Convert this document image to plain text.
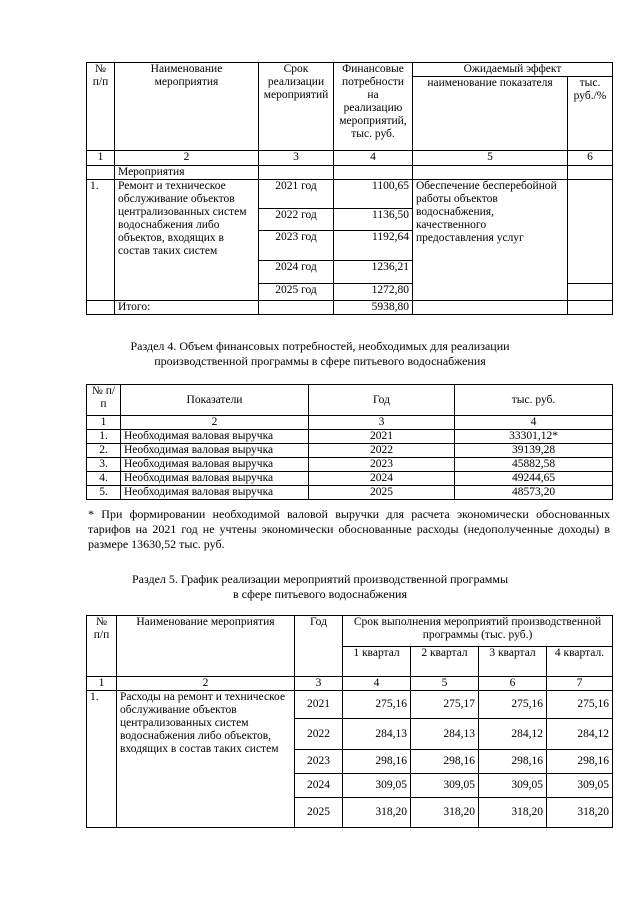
№ п/п	Наименование мероприятия	Срок реализации мероприятий	Финансовые потребности на реализацию мероприятий, тыс. руб.	Ожидаемый эффект	
				наименование показателя	тыс. руб./%
1	2	3	4	5	6
	Мероприятия				
1.	Ремонт и техническое обслуживание объектов централизованных систем водоснабжения либо объектов, входящих в состав таких систем	2021 год	1100,65	Обеспечение бесперебойной работы объектов водоснабжения, качественного предоставления услуг	
		2022 год	1136,50		
		2023 год	1192,64		
		2024 год	1236,21		
		2025 год	1272,80		
	Итого:		5938,80		
Раздел 4. Объем финансовых потребностей, необходимых для реализации производственной программы в сфере питьевого водоснабжения
№ п/п	Показатели	Год	тыс. руб.
1	2	3	4
1.	Необходимая валовая выручка	2021	33301,12*
2.	Необходимая валовая выручка	2022	39139,28
3.	Необходимая валовая выручка	2023	45882,58
4.	Необходимая валовая выручка	2024	49244,65
5.	Необходимая валовая выручка	2025	48573,20
* При формировании необходимой валовой выручки для расчета экономически обоснованных тарифов на 2021 год не учтены экономически обоснованные расходы (недополученные доходы) в размере 13630,52 тыс. руб.
Раздел 5. График реализации мероприятий производственной программы в сфере питьевого водоснабжения
№ п/п	Наименование мероприятия	Год	Срок выполнения мероприятий производственной программы (тыс. руб.)			
			1 квартал	2 квартал	3 квартал	4 квартал.
1	2	3	4	5	6	7
1.	Расходы на ремонт и техническое обслуживание объектов централизованных систем водоснабжения либо объектов, входящих в состав таких систем	2021	275,16	275,17	275,16	275,16
		2022	284,13	284,13	284,12	284,12
		2023	298,16	298,16	298,16	298,16
		2024	309,05	309,05	309,05	309,05
		2025	318,20	318,20	318,20	318,20
